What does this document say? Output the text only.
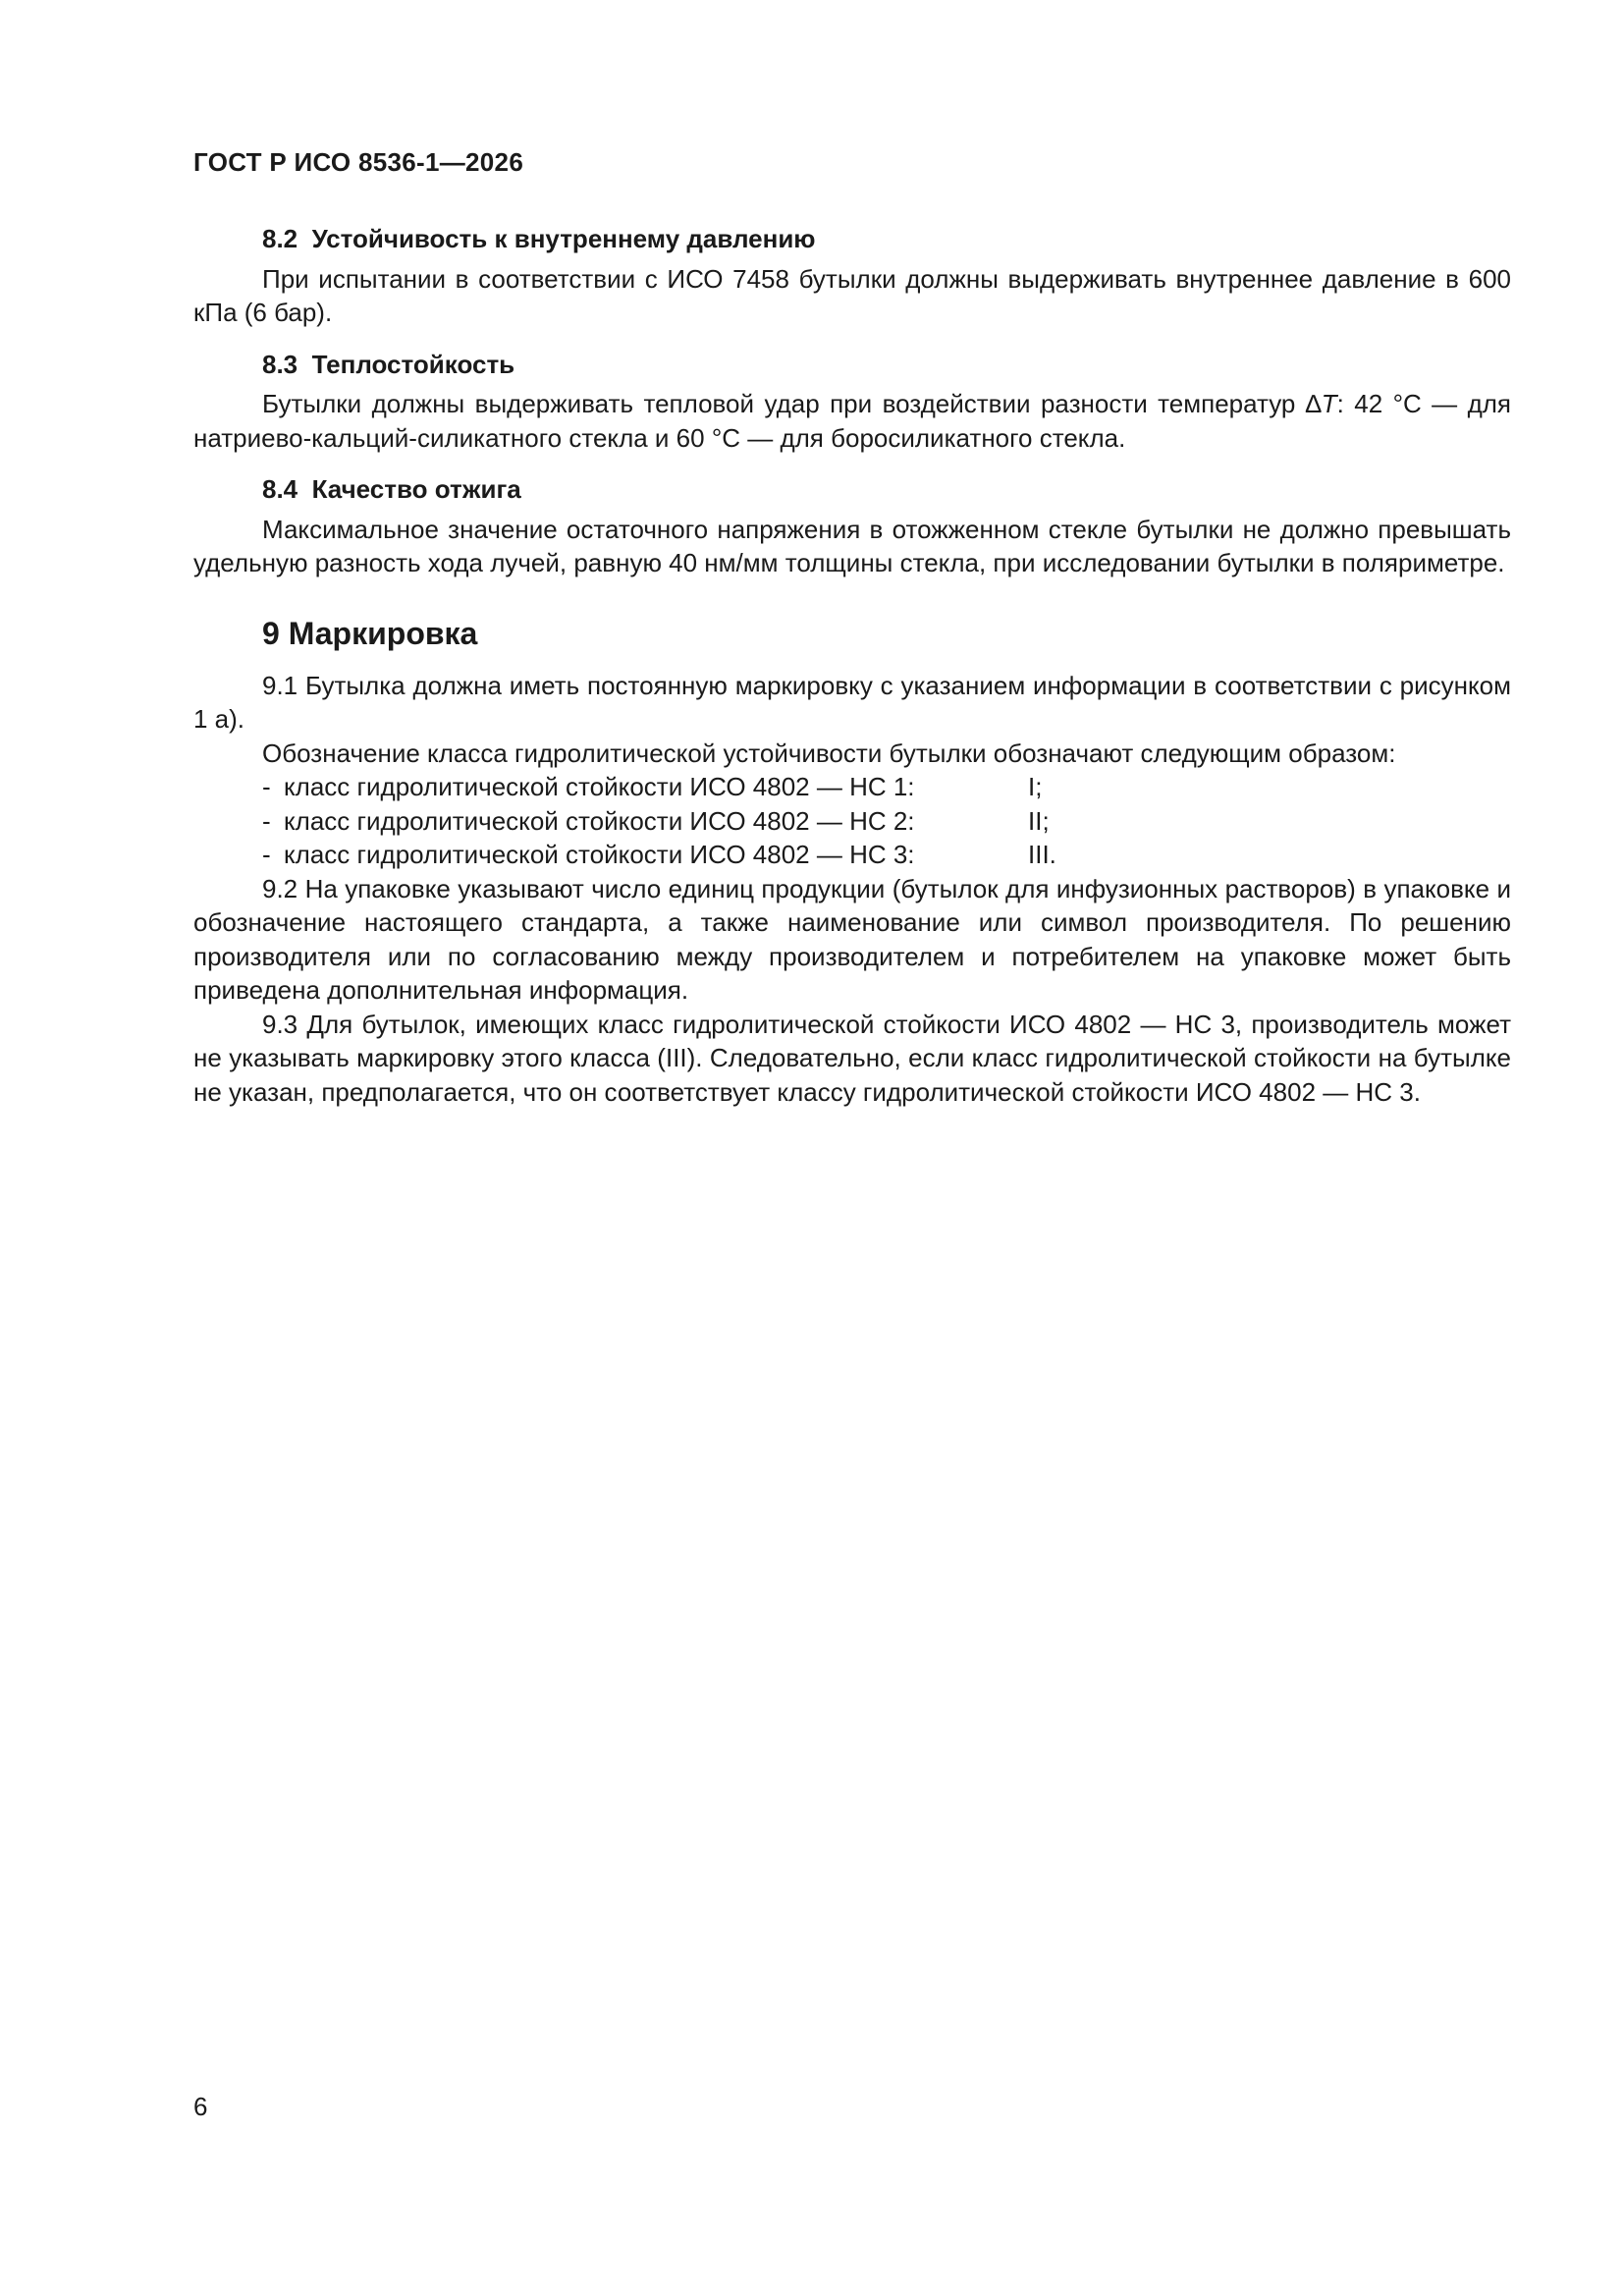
ГОСТ Р ИСО 8536-1—2026
8.2  Устойчивость к внутреннему давлению

При испытании в соответствии с ИСО 7458 бутылки должны выдерживать внутреннее давление в 600 кПа (6 бар).

8.3  Теплостойкость

Бутылки должны выдерживать тепловой удар при воздействии разности температур ∆T: 42 °С — для натриево-кальций-силикатного стекла и 60 °С — для боросиликатного стекла.

8.4  Качество отжига

Максимальное значение остаточного напряжения в отожженном стекле бутылки не должно превышать удельную разность хода лучей, равную 40 нм/мм толщины стекла, при исследовании бутылки в поляриметре.

9 Маркировка

9.1 Бутылка должна иметь постоянную маркировку с указанием информации в соответствии с рисунком 1 а).

Обозначение класса гидролитической устойчивости бутылки обозначают следующим образом:

- класс гидролитической стойкости ИСО 4802 — НС 1:	I;
- класс гидролитической стойкости ИСО 4802 — НС 2:	II;
- класс гидролитической стойкости ИСО 4802 — НС 3:	III.

9.2 На упаковке указывают число единиц продукции (бутылок для инфузионных растворов) в упаковке и обозначение настоящего стандарта, а также наименование или символ производителя. По решению производителя или по согласованию между производителем и потребителем на упаковке может быть приведена дополнительная информация.

9.3 Для бутылок, имеющих класс гидролитической стойкости ИСО 4802 — НС 3, производитель может не указывать маркировку этого класса (III). Следовательно, если класс гидролитической стойкости на бутылке не указан, предполагается, что он соответствует классу гидролитической стойкости ИСО 4802 — НС 3.

6
